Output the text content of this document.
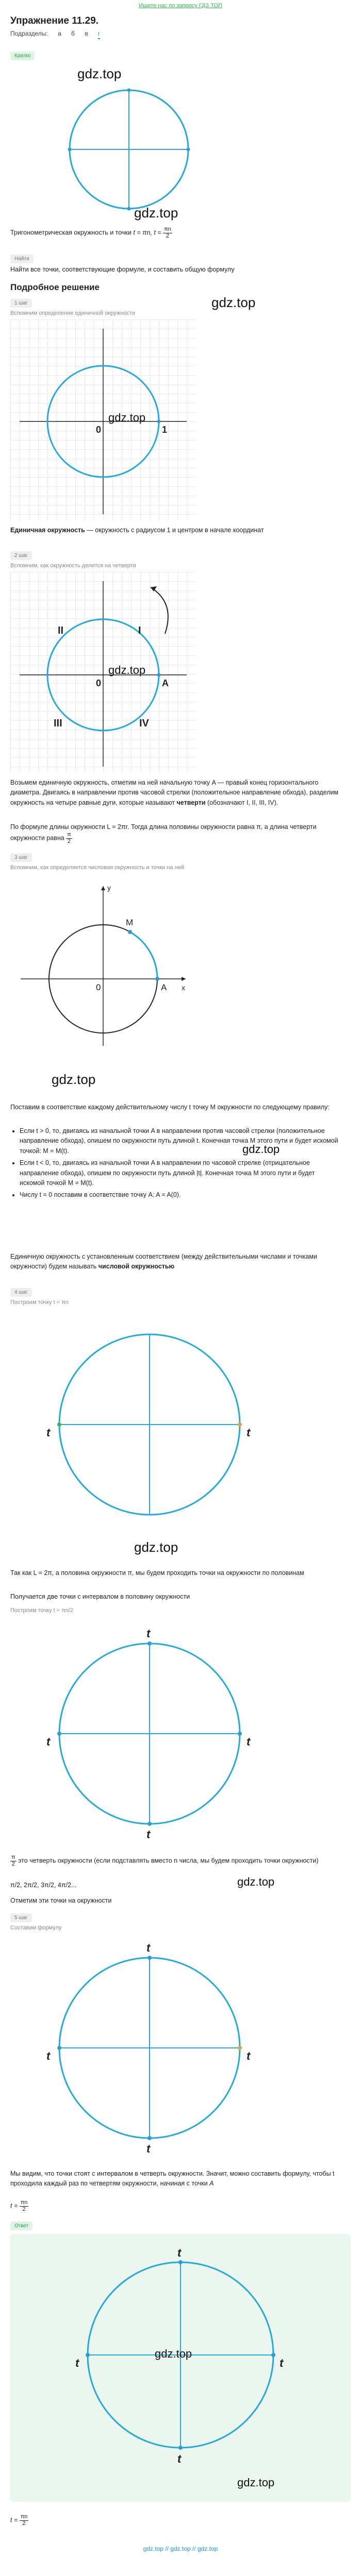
Ищите нас по запросу ГДЗ ТОП
Упражнение 11.29.
Подразделы: а б в г
Кратко
gdz.top
gdz.top
Тригонометрическая окружность и точки t = πn, $t = \frac{\pi n}{2}$
Найти
Найти все точки, соответствующие формуле, и составить общую формулу
Подробное решение
1 шаг
Вспомним определение единичной окружности
gdz.top
0	1
gdz.top
Единичная окружность — окружность с радиусом 1 и центром в начале координат
2 шаг
Вспомним, как окружность делится на четверти
I
II
III	IV
0	A
gdz.top
Возьмем единичную окружность, отметим на ней начальную точку A — правый конец горизонтального диаметра. Двигаясь в направлении против часовой стрелки (положительное направление обхода), разделим окружность на четыре равные дуги, которые называют четверти (обозначают I, II, III, IV).
По формуле длины окружности L = 2πr. Тогда длина половины окружности равна π, а длина четверти окружности равна $\frac{\pi}{2}$
3 шаг
Вспомним, как определяется числовая окружность и точки на ней
M
0	A x
y
gdz.top
Поставим в соответствие каждому действительному числу t точку M окружности по следующему правилу:
• Если t > 0, то, двигаясь из начальной точки A в направлении против часовой стрелки (положительное направление обхода), опишем по окружности путь длиной t. Конечная точка M этого пути и будет искомой точкой: M = M(t).
• Если t < 0, то, двигаясь из начальной точки A в направлении по часовой стрелке (отрицательное направление обхода), опишем по окружности путь длиной |t|. Конечная точка M этого пути и будет искомой точкой M = M(t).
• Числу t = 0 поставим в соответствие точку A: A = A(0).
gdz.top
Единичную окружность с установленным соответствием (между действительными числами и точками окружности) будем называть числовой окружностью
4 шаг
Построим точку t = πn
t	t
gdz.top
Так как L = 2π, а половина окружности π, мы будем проходить точки на окружности по половинам
Получается две точки с интервалом в половину окружности
Построим точку t = πn/2
t	t
t
t
$\frac{\pi}{2}$ это четверть окружности (если подставлять вместо n числа, мы будем проходить точки окружности)
π/2, 2π/2, 3π/2, 4π/2...	gdz.top
Отметим эти точки на окружности
5 шаг
Составим формулу
t	t
t
t
Мы видим, что точки стоят с интервалом в четверть окружности. Значит, можно составить формулу, чтобы t проходила каждый раз по четвертям окружности, начиная с точки A
$t = \frac{\pi n}{2}$
Ответ
t	t
t
t
gdz.top
gdz.top
$t = \frac{\pi n}{2}$
gdz.top // gdz.top // gdz.top
